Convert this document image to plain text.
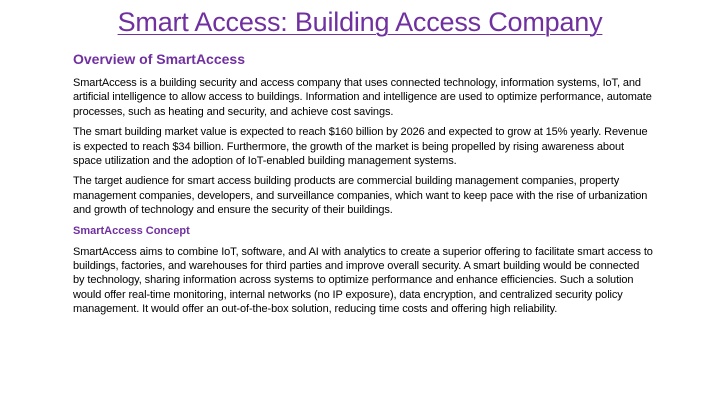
Smart Access: Building Access Company
Overview of SmartAccess

SmartAccess is a building security and access company that uses connected technology, information systems, IoT, and artificial intelligence to allow access to buildings. Information and intelligence are used to optimize performance, automate processes, such as heating and security, and achieve cost savings.

The smart building market value is expected to reach $160 billion by 2026 and expected to grow at 15% yearly. Revenue is expected to reach $34 billion. Furthermore, the growth of the market is being propelled by rising awareness about space utilization and the adoption of IoT-enabled building management systems.

The target audience for smart access building products are commercial building management companies, property management companies, developers, and surveillance companies, which want to keep pace with the rise of urbanization and growth of technology and ensure the security of their buildings.

SmartAccess Concept

SmartAccess aims to combine IoT, software, and AI with analytics to create a superior offering to facilitate smart access to buildings, factories, and warehouses for third parties and improve overall security. A smart building would be connected by technology, sharing information across systems to optimize performance and enhance efficiencies. Such a solution would offer real-time monitoring, internal networks (no IP exposure), data encryption, and centralized security policy management. It would offer an out-of-the-box solution, reducing time costs and offering high reliability.
